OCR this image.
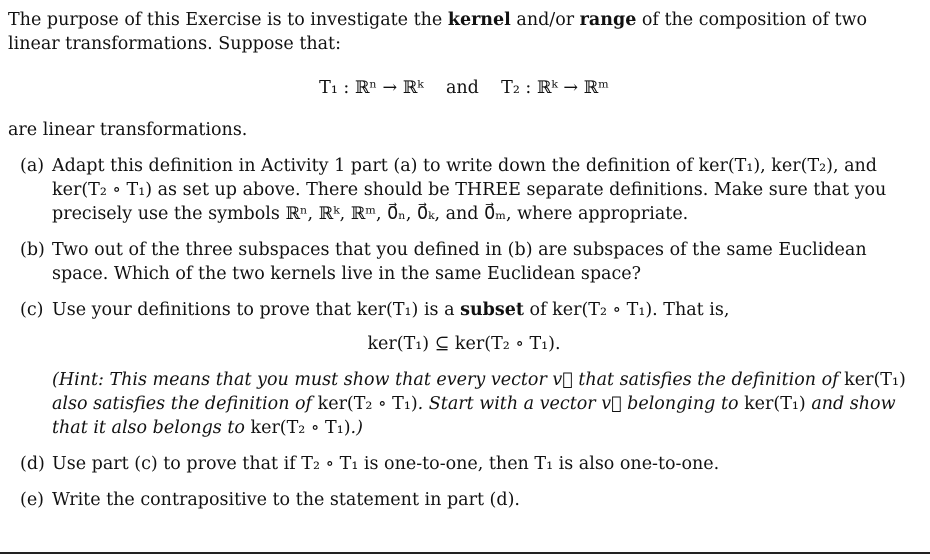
The purpose of this Exercise is to investigate the kernel and/or range of the composition of two linear transformations. Suppose that:

T₁ : ℝⁿ → ℝᵏ and T₂ : ℝᵏ → ℝᵐ

are linear transformations.

(a) Adapt this definition in Activity 1 part (a) to write down the definition of ker(T₁), ker(T₂), and ker(T₂ ∘ T₁) as set up above. There should be THREE separate definitions. Make sure that you precisely use the symbols ℝⁿ, ℝᵏ, ℝᵐ, 0⃗ₙ, 0⃗ₖ, and 0⃗ₘ, where appropriate.
(b) Two out of the three subspaces that you defined in (b) are subspaces of the same Euclidean space. Which of the two kernels live in the same Euclidean space?
(c) Use your definitions to prove that ker(T₁) is a subset of ker(T₂ ∘ T₁). That is,
ker(T₁) ⊆ ker(T₂ ∘ T₁).

(Hint: This means that you must show that every vector v⃗ that satisfies the definition of ker(T₁) also satisfies the definition of ker(T₂ ∘ T₁). Start with a vector v⃗ belonging to ker(T₁) and show that it also belongs to ker(T₂ ∘ T₁).)

(d) Use part (c) to prove that if T₂ ∘ T₁ is one-to-one, then T₁ is also one-to-one.
(e) Write the contrapositive to the statement in part (d).
